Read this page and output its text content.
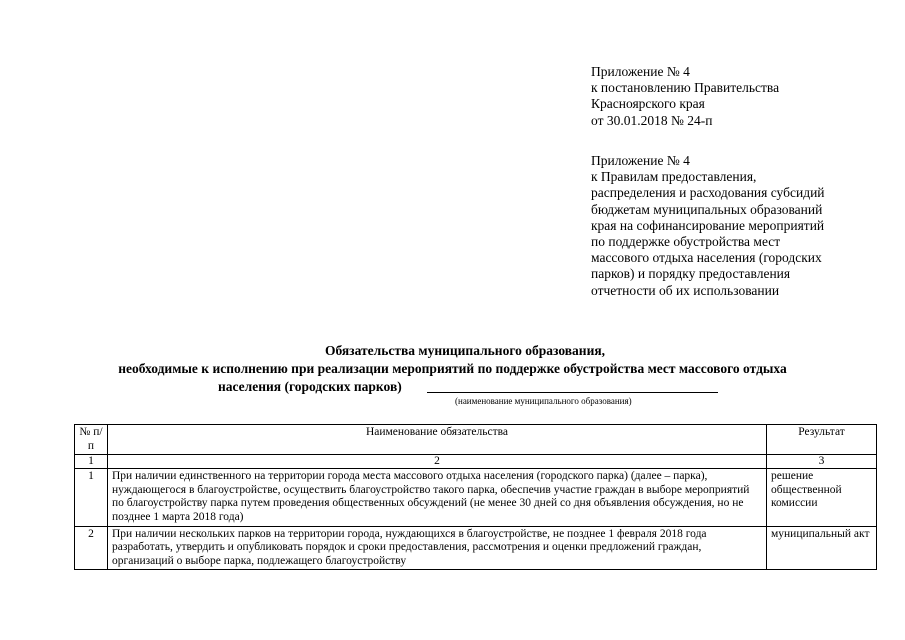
Приложение № 4
к постановлению Правительства
Красноярского края
от 30.01.2018 № 24-п
Приложение № 4
к Правилам предоставления,
распределения и расходования субсидий
бюджетам муниципальных образований
края на софинансирование мероприятий
по поддержке обустройства мест
массового отдыха населения (городских
парков) и порядку предоставления
отчетности об их использовании
Обязательства муниципального образования,
необходимые к исполнению при реализации мероприятий по поддержке обустройства мест массового отдыха
населения (городских парков)
(наименование муниципального образования)
№ п/п	Наименование обязательства	Результат
1	2	3
1	При наличии единственного на территории города места массового отдыха населения (городского парка) (далее – парка), нуждающегося в благоустройстве, осуществить благоустройство такого парка, обеспечив участие граждан в выборе мероприятий по благоустройству парка путем проведения общественных обсуждений (не менее 30 дней со дня объявления обсуждения, но не позднее 1 марта 2018 года)	решение общественной комиссии
2	При наличии нескольких парков на территории города, нуждающихся в благоустройстве, не позднее 1 февраля 2018 года разработать, утвердить и опубликовать порядок и сроки предоставления, рассмотрения и оценки предложений граждан, организаций о выборе парка, подлежащего благоустройству	муниципальный акт
